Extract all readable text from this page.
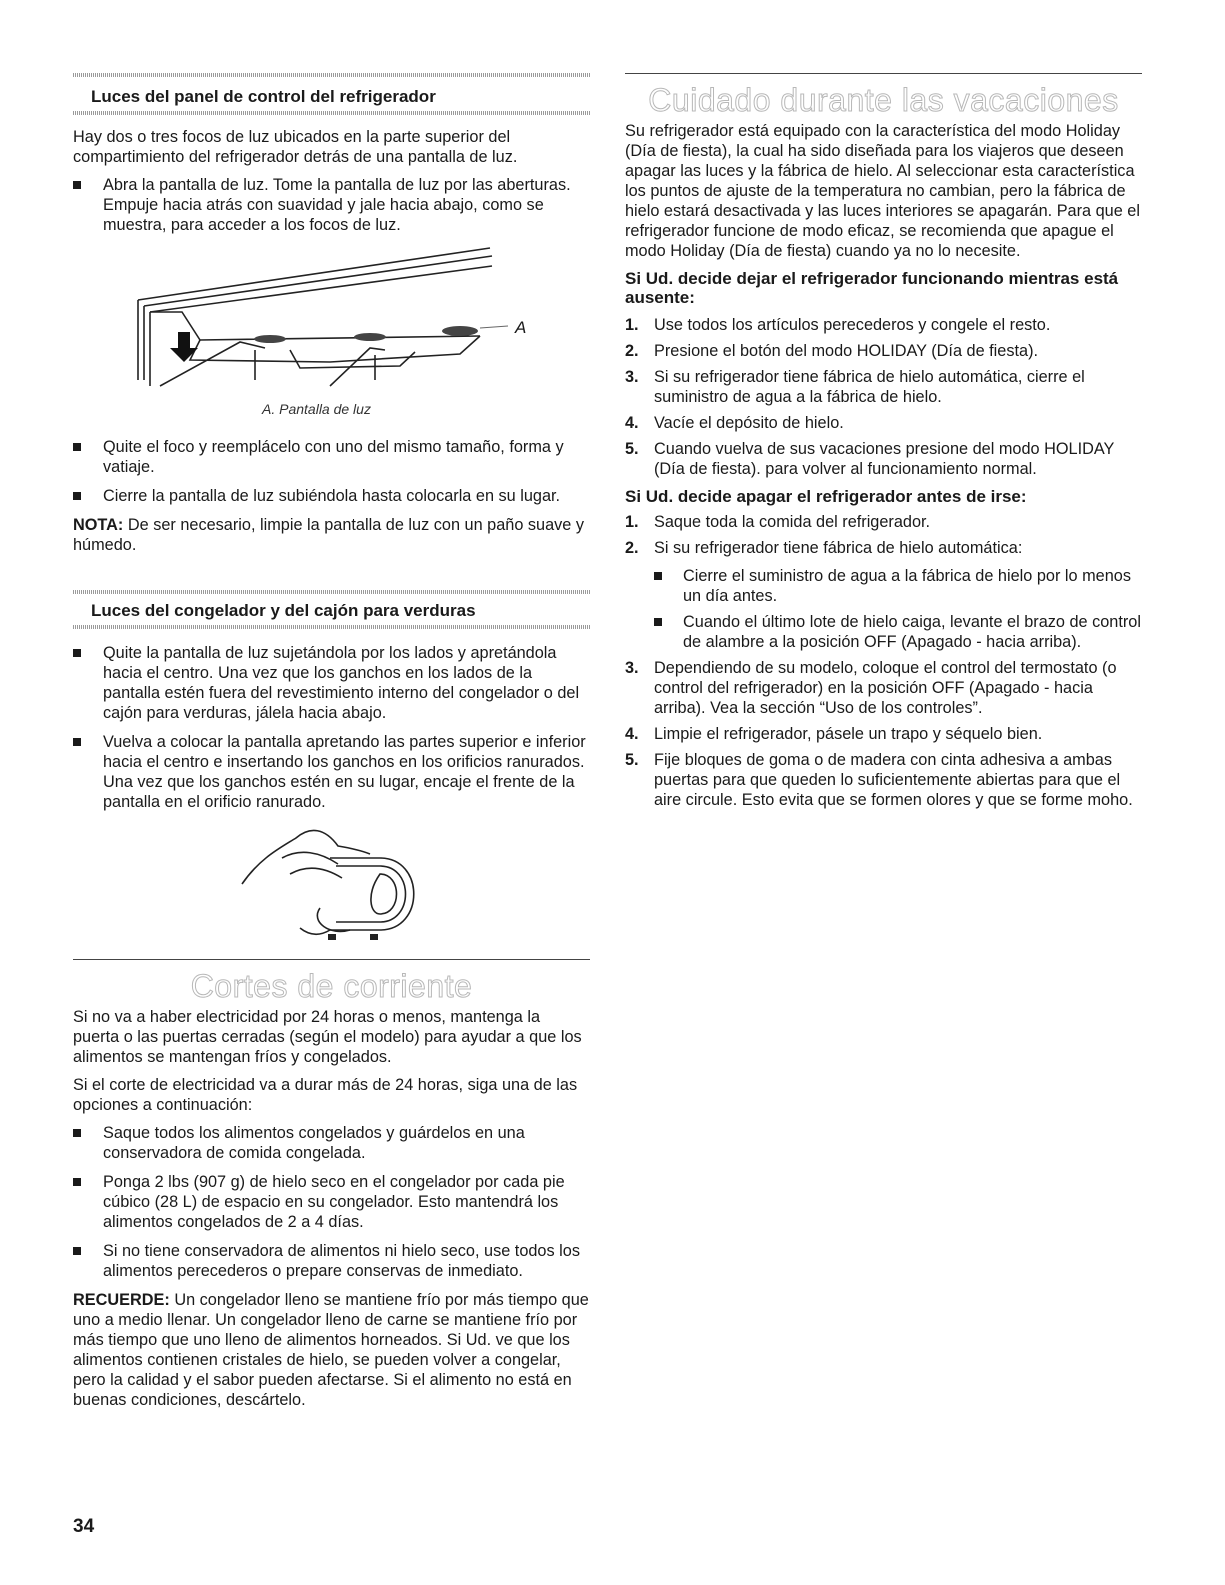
Luces del panel de control del refrigerador

Hay dos o tres focos de luz ubicados en la parte superior del compartimiento del refrigerador detrás de una pantalla de luz.

Abra la pantalla de luz. Tome la pantalla de luz por las aberturas. Empuje hacia atrás con suavidad y jale hacia abajo, como se muestra, para acceder a los focos de luz.
A
A. Pantalla de luz
Quite el foco y reemplácelo con uno del mismo tamaño, forma y vatiaje.
Cierre la pantalla de luz subiéndola hasta colocarla en su lugar.

NOTA: De ser necesario, limpie la pantalla de luz con un paño suave y húmedo.

Luces del congelador y del cajón para verduras
Quite la pantalla de luz sujetándola por los lados y apretándola hacia el centro. Una vez que los ganchos en los lados de la pantalla estén fuera del revestimiento interno del congelador o del cajón para verduras, jálela hacia abajo.
Vuelva a colocar la pantalla apretando las partes superior e inferior hacia el centro e insertando los ganchos en los orificios ranurados. Una vez que los ganchos estén en su lugar, encaje el frente de la pantalla en el orificio ranurado.
Cortes de corriente

Si no va a haber electricidad por 24 horas o menos, mantenga la puerta o las puertas cerradas (según el modelo) para ayudar a que los alimentos se mantengan fríos y congelados.

Si el corte de electricidad va a durar más de 24 horas, siga una de las opciones a continuación:

Saque todos los alimentos congelados y guárdelos en una conservadora de comida congelada.
Ponga 2 lbs (907 g) de hielo seco en el congelador por cada pie cúbico (28 L) de espacio en su congelador. Esto mantendrá los alimentos congelados de 2 a 4 días.
Si no tiene conservadora de alimentos ni hielo seco, use todos los alimentos perecederos o prepare conservas de inmediato.

RECUERDE: Un congelador lleno se mantiene frío por más tiempo que uno a medio llenar. Un congelador lleno de carne se mantiene frío por más tiempo que uno lleno de alimentos horneados. Si Ud. ve que los alimentos contienen cristales de hielo, se pueden volver a congelar, pero la calidad y el sabor pueden afectarse. Si el alimento no está en buenas condiciones, descártelo.

Cuidado durante las vacaciones

Su refrigerador está equipado con la característica del modo Holiday (Día de fiesta), la cual ha sido diseñada para los viajeros que deseen apagar las luces y la fábrica de hielo. Al seleccionar esta característica los puntos de ajuste de la temperatura no cambian, pero la fábrica de hielo estará desactivada y las luces interiores se apagarán. Para que el refrigerador funcione de modo eficaz, se recomienda que apague el modo Holiday (Día de fiesta) cuando ya no lo necesite.

Si Ud. decide dejar el refrigerador funcionando mientras está ausente:

1. Use todos los artículos perecederos y congele el resto.
2. Presione el botón del modo HOLIDAY (Día de fiesta).
3. Si su refrigerador tiene fábrica de hielo automática, cierre el suministro de agua a la fábrica de hielo.
4. Vacíe el depósito de hielo.
5. Cuando vuelva de sus vacaciones presione del modo HOLIDAY (Día de fiesta). para volver al funcionamiento normal.

Si Ud. decide apagar el refrigerador antes de irse:

1. Saque toda la comida del refrigerador.
2. Si su refrigerador tiene fábrica de hielo automática:
Cierre el suministro de agua a la fábrica de hielo por lo menos un día antes.
Cuando el último lote de hielo caiga, levante el brazo de control de alambre a la posición OFF (Apagado - hacia arriba).
3. Dependiendo de su modelo, coloque el control del termostato (o control del refrigerador) en la posición OFF (Apagado - hacia arriba). Vea la sección “Uso de los controles”.
4. Limpie el refrigerador, pásele un trapo y séquelo bien.
5. Fije bloques de goma o de madera con cinta adhesiva a ambas puertas para que queden lo suficientemente abiertas para que el aire circule. Esto evita que se formen olores y que se forme moho.
34
